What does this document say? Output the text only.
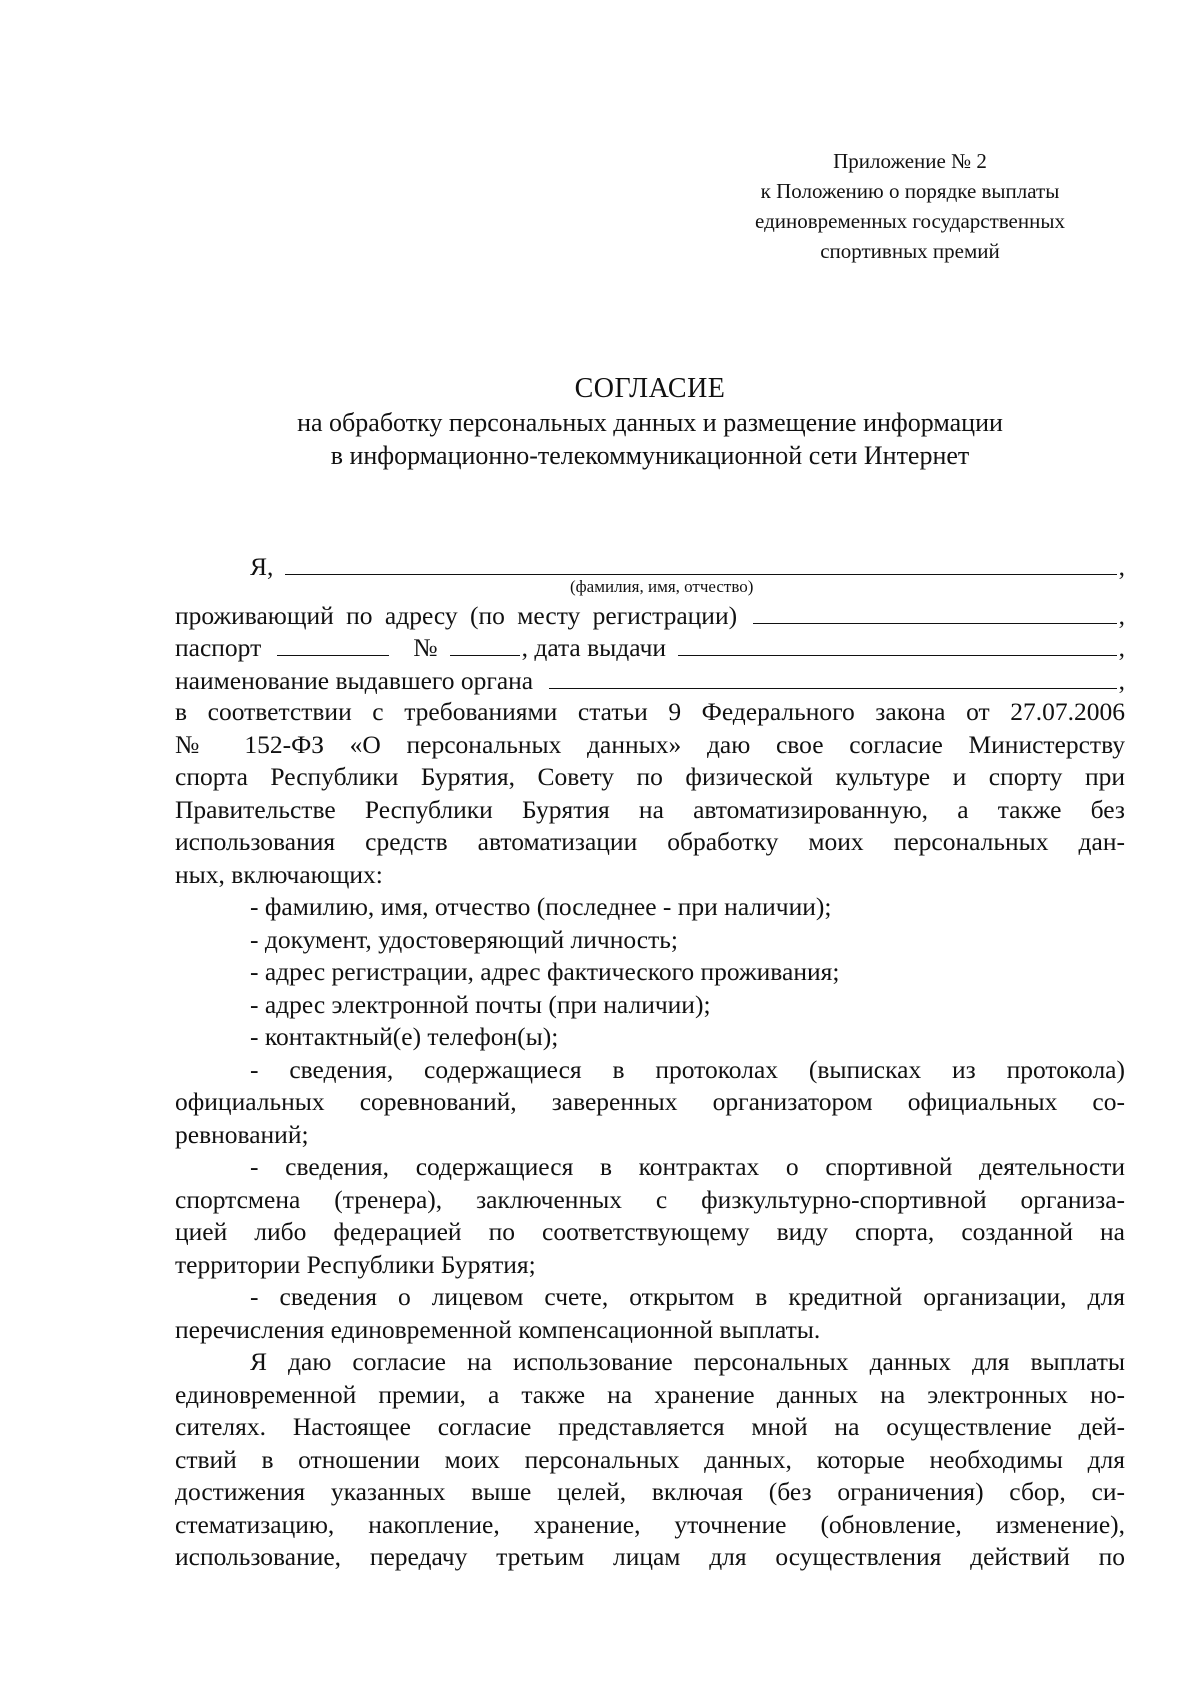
Приложение № 2
к Положению о порядке выплаты
единовременных государственных
спортивных премий
СОГЛАСИЕ
на обработку персональных данных и размещение информации
в информационно-телекоммуникационной сети Интернет
Я,	,
(фамилия, имя, отчество)
проживающий по адресу (по месту регистрации)	,
паспорт	№	, дата выдачи	,
наименование выдавшего органа	,
в соответствии с требованиями статьи 9 Федерального закона от 27.07.2006
№ 152-ФЗ «О персональных данных» даю свое согласие Министерству
спорта Республики Бурятия, Совету по физической культуре и спорту при
Правительстве Республики Бурятия на автоматизированную, а также без
использования средств автоматизации обработку моих персональных дан-
ных, включающих:
- фамилию, имя, отчество (последнее - при наличии);
- документ, удостоверяющий личность;
- адрес регистрации, адрес фактического проживания;
- адрес электронной почты (при наличии);
- контактный(е) телефон(ы);
- сведения, содержащиеся в протоколах (выписках из протокола)
официальных соревнований, заверенных организатором официальных со-
ревнований;
- сведения, содержащиеся в контрактах о спортивной деятельности
спортсмена (тренера), заключенных с физкультурно-спортивной организа-
цией либо федерацией по соответствующему виду спорта, созданной на
территории Республики Бурятия;
- сведения о лицевом счете, открытом в кредитной организации, для
перечисления единовременной компенсационной выплаты.
Я даю согласие на использование персональных данных для выплаты
единовременной премии, а также на хранение данных на электронных но-
сителях. Настоящее согласие представляется мной на осуществление дей-
ствий в отношении моих персональных данных, которые необходимы для
достижения указанных выше целей, включая (без ограничения) сбор, си-
стематизацию, накопление, хранение, уточнение (обновление, изменение),
использование, передачу третьим лицам для осуществления действий по
